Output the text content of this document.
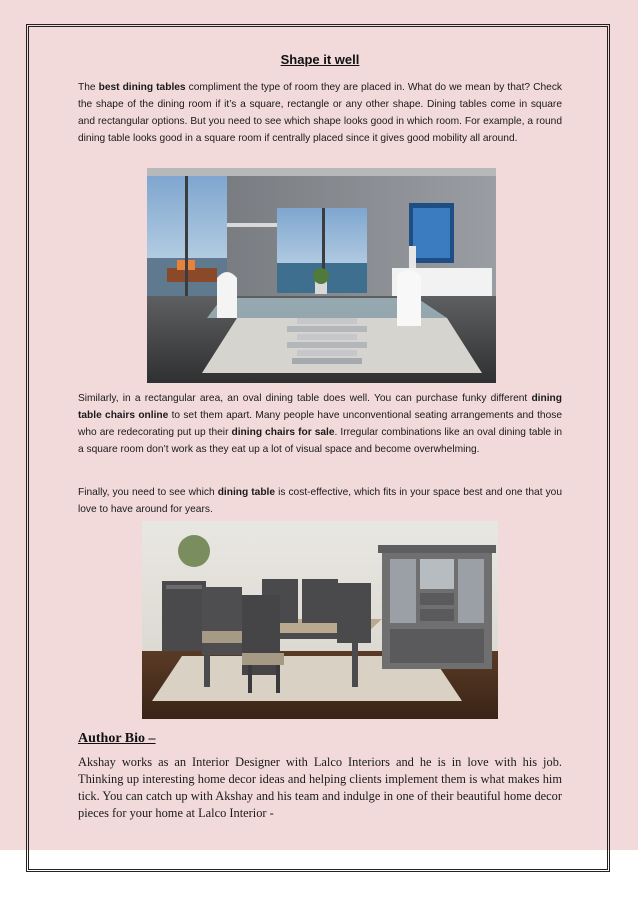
Shape it well

The best dining tables compliment the type of room they are placed in. What do we mean by that? Check the shape of the dining room if it’s a square, rectangle or any other shape. Dining tables come in square and rectangular options. But you need to see which shape looks good in which room. For example, a round dining table looks good in a square room if centrally placed since it gives good mobility all around.

Similarly, in a rectangular area, an oval dining table does well. You can purchase funky different dining table chairs online to set them apart. Many people have unconventional seating arrangements and those who are redecorating put up their dining chairs for sale. Irregular combinations like an oval dining table in a square room don’t work as they eat up a lot of visual space and become overwhelming.

Finally, you need to see which dining table is cost-effective, which fits in your space best and one that you love to have around for years.

Author Bio –

Akshay works as an Interior Designer with Lalco Interiors and he is in love with his job. Thinking up interesting home decor ideas and helping clients implement them is what makes him tick. You can catch up with Akshay and his team and indulge in one of their beautiful home decor pieces for your home at Lalco Interior -
